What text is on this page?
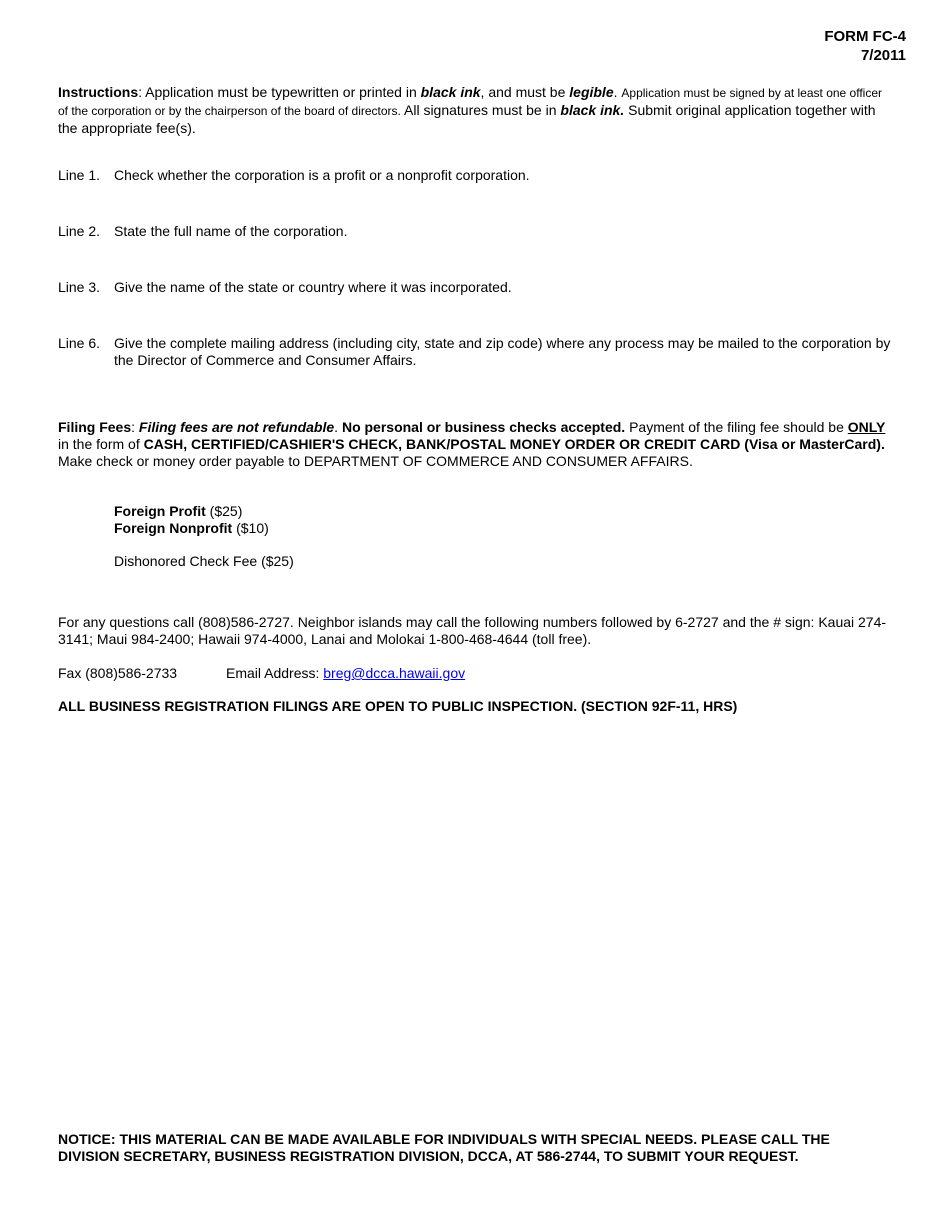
FORM FC-4
7/2011
Instructions: Application must be typewritten or printed in black ink, and must be legible. Application must be signed by at least one officer of the corporation or by the chairperson of the board of directors. All signatures must be in black ink. Submit original application together with the appropriate fee(s).
Line 1. Check whether the corporation is a profit or a nonprofit corporation.
Line 2. State the full name of the corporation.
Line 3. Give the name of the state or country where it was incorporated.
Line 6. Give the complete mailing address (including city, state and zip code) where any process may be mailed to the corporation by the Director of Commerce and Consumer Affairs.
Filing Fees: Filing fees are not refundable. No personal or business checks accepted. Payment of the filing fee should be ONLY in the form of CASH, CERTIFIED/CASHIER'S CHECK, BANK/POSTAL MONEY ORDER OR CREDIT CARD (Visa or MasterCard). Make check or money order payable to DEPARTMENT OF COMMERCE AND CONSUMER AFFAIRS.
Foreign Profit ($25)
Foreign Nonprofit ($10)
Dishonored Check Fee ($25)
For any questions call (808)586-2727. Neighbor islands may call the following numbers followed by 6-2727 and the # sign: Kauai 274-3141; Maui 984-2400; Hawaii 974-4000, Lanai and Molokai 1-800-468-4644 (toll free).
Fax (808)586-2733	Email Address: breg@dcca.hawaii.gov
ALL BUSINESS REGISTRATION FILINGS ARE OPEN TO PUBLIC INSPECTION. (SECTION 92F-11, HRS)
NOTICE: THIS MATERIAL CAN BE MADE AVAILABLE FOR INDIVIDUALS WITH SPECIAL NEEDS. PLEASE CALL THE DIVISION SECRETARY, BUSINESS REGISTRATION DIVISION, DCCA, AT 586-2744, TO SUBMIT YOUR REQUEST.
